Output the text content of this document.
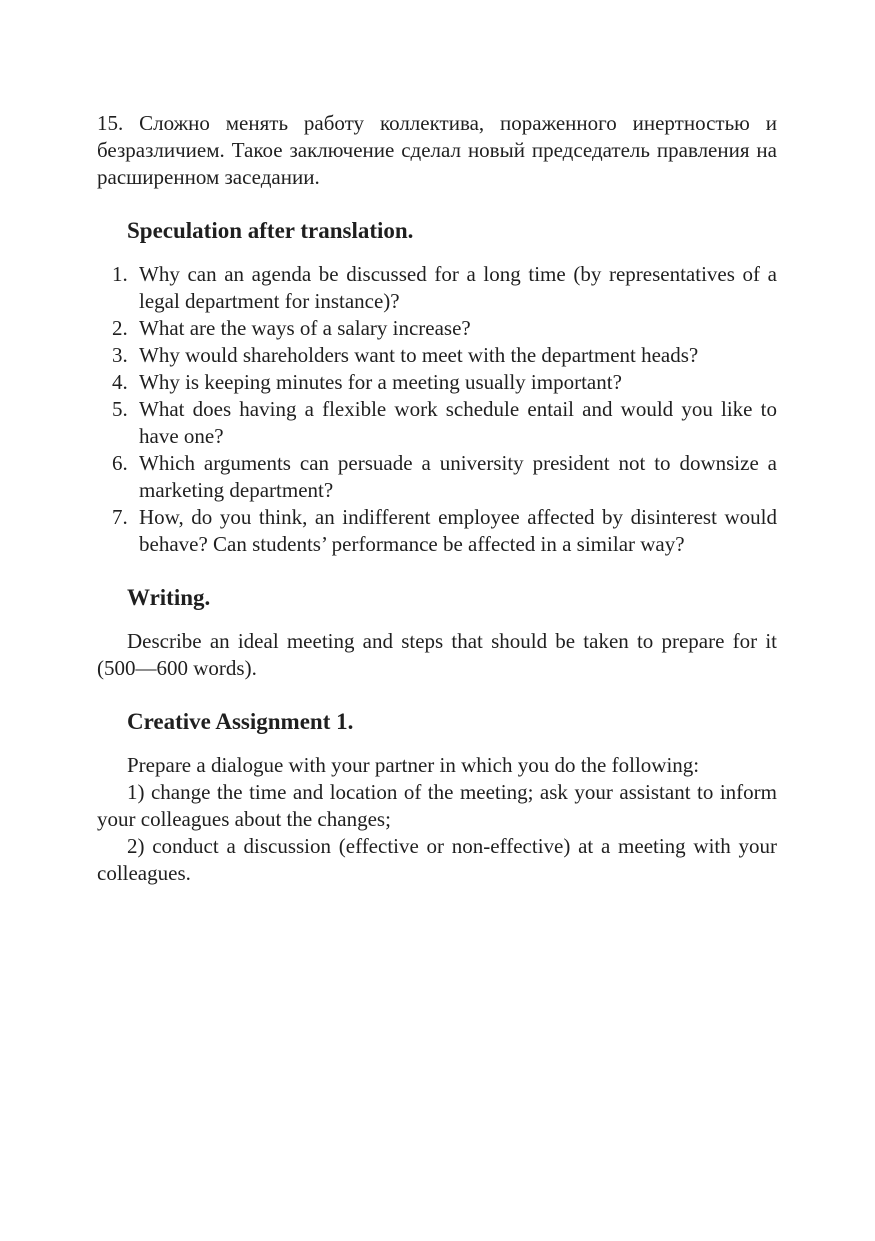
15. Сложно менять работу коллектива, пораженного инертностью и безразличием. Такое заключение сделал новый председатель правления на расширенном заседании.

Speculation after translation.
1. Why can an agenda be discussed for a long time (by representatives of a legal department for instance)?
2. What are the ways of a salary increase?
3. Why would shareholders want to meet with the department heads?
4. Why is keeping minutes for a meeting usually important?
5. What does having a flexible work schedule entail and would you like to have one?
6. Which arguments can persuade a university president not to downsize a marketing department?
7. How, do you think, an indifferent employee affected by disinterest would behave? Can students’ performance be affected in a similar way?
Writing.

Describe an ideal meeting and steps that should be taken to prepare for it (500—600 words).

Creative Assignment 1.

Prepare a dialogue with your partner in which you do the following:

1) change the time and location of the meeting; ask your assistant to inform your colleagues about the changes;

2) conduct a discussion (effective or non-effective) at a meeting with your colleagues.
